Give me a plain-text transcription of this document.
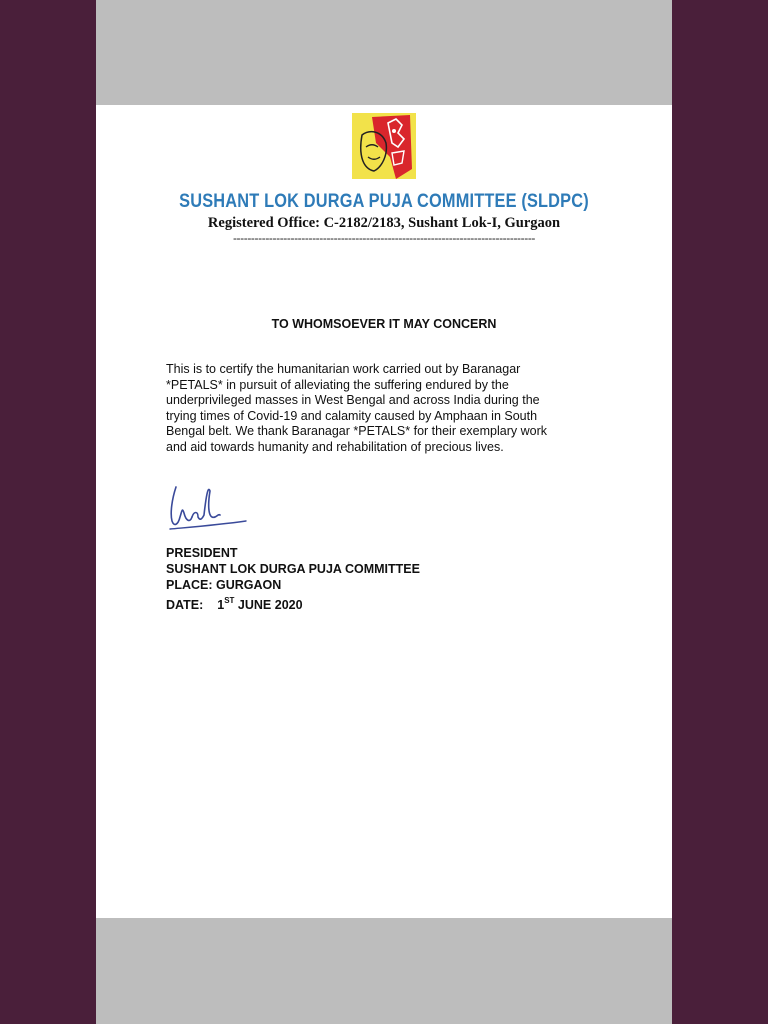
SUSHANT LOK DURGA PUJA COMMITTEE (SLDPC)
Registered Office: C-2182/2183, Sushant Lok-I, Gurgaon
------------------------------------------------------------------------------------
TO WHOMSOEVER IT MAY CONCERN
This is to certify the humanitarian work carried out by Baranagar
*PETALS* in pursuit of alleviating the suffering endured by the
underprivileged masses in West Bengal and across India during the
trying times of Covid-19 and calamity caused by Amphaan in South
Bengal belt. We thank Baranagar *PETALS* for their exemplary work
and aid towards humanity and rehabilitation of precious lives.
PRESIDENT
SUSHANT LOK DURGA PUJA COMMITTEE
PLACE: GURGAON
DATE: 1ST JUNE 2020
